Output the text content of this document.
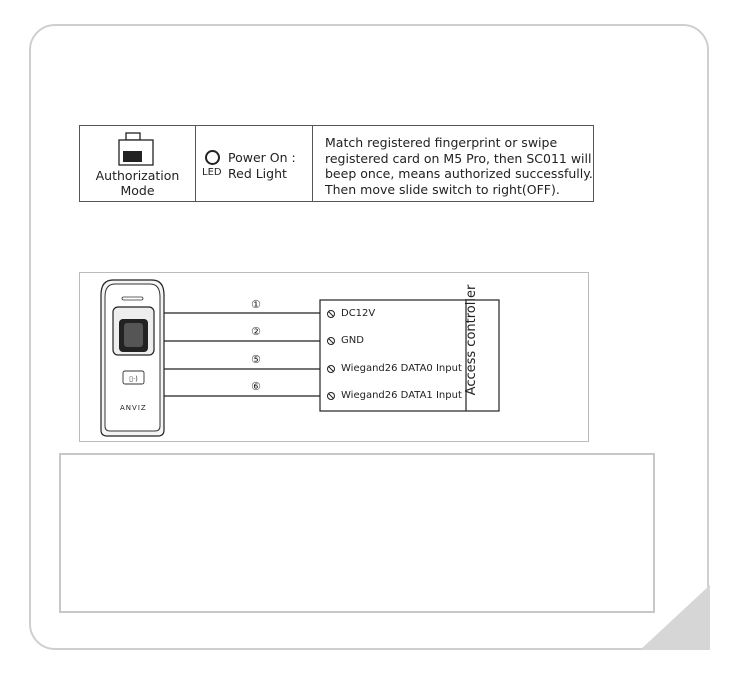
Authorization
Mode
LED
Power On :
Red Light
Match registered fingerprint or swipe
registered card on M5 Pro, then SC011 will
beep once, means authorized successfully.
Then move slide switch to right(OFF).
▯·)
ANVIZ
①
②
⑤
⑥
DC12V
GND
Wiegand26 DATA0 Input
Wiegand26 DATA1 Input
Access controller
